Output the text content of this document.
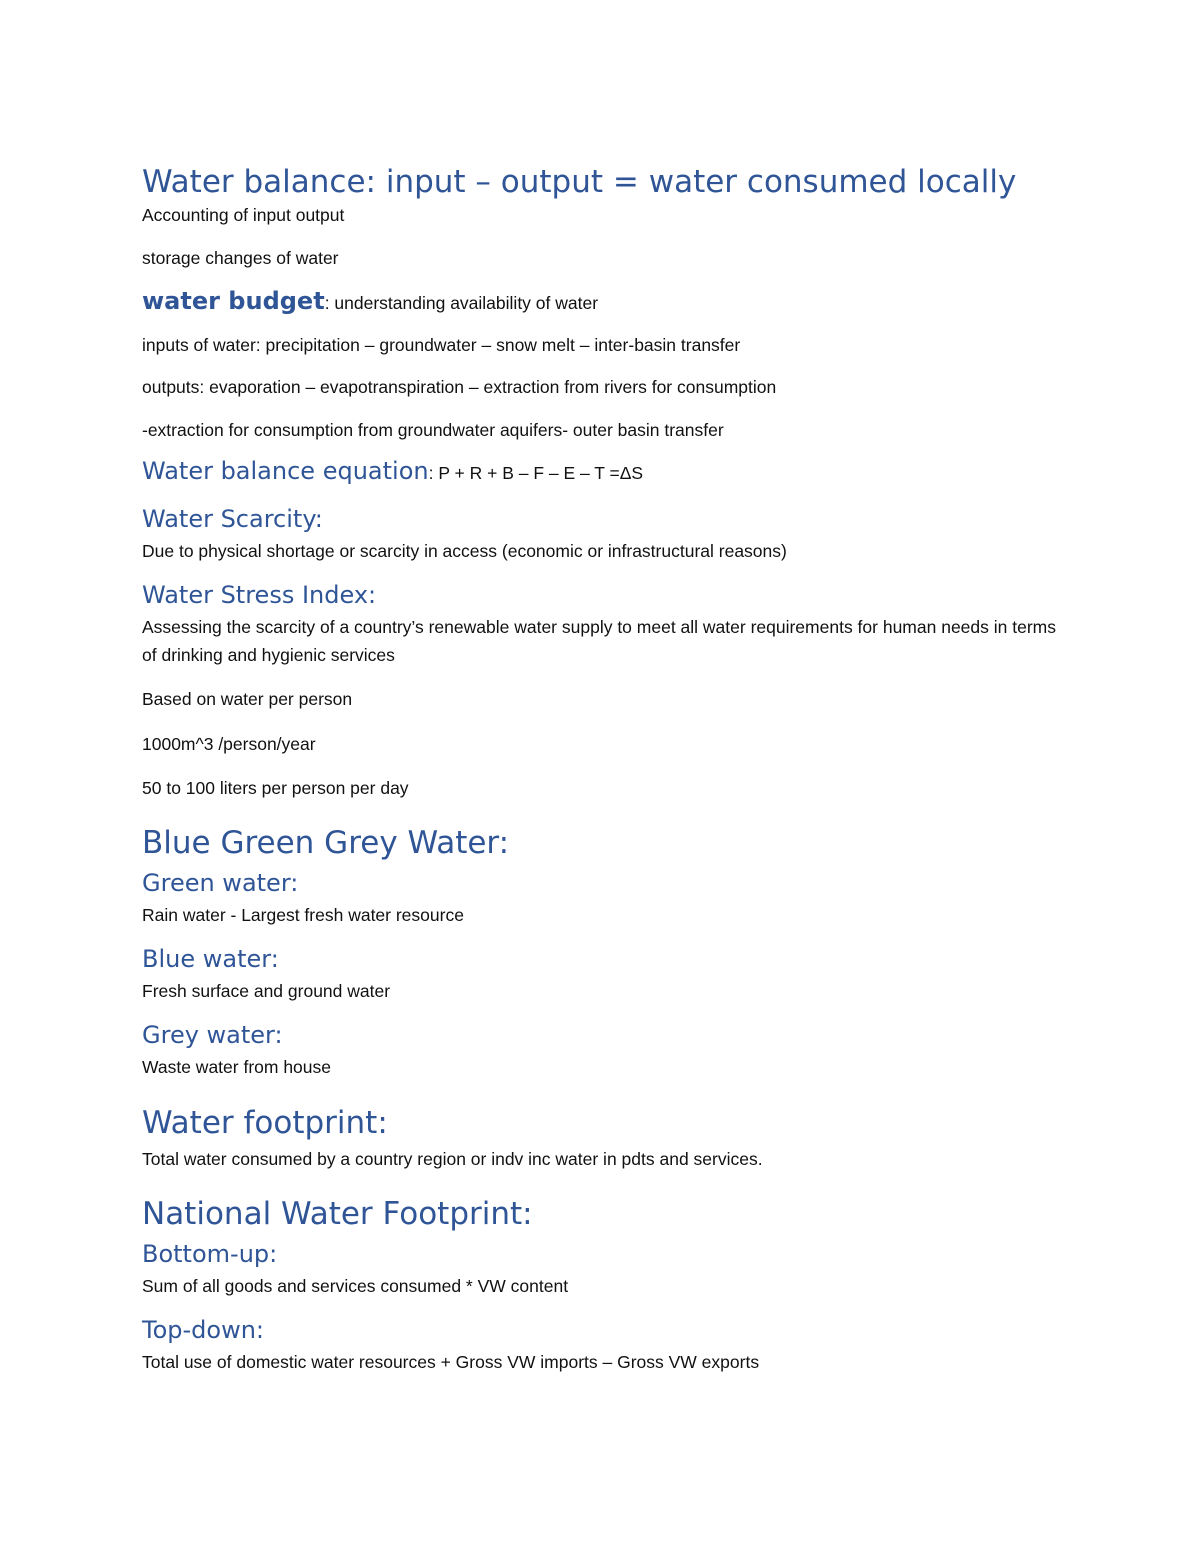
Water balance: input – output = water consumed locally

Accounting of input output

storage changes of water

water budget: understanding availability of water

inputs of water: precipitation – groundwater – snow melt – inter-basin transfer

outputs: evaporation – evapotranspiration – extraction from rivers for consumption

-extraction for consumption from groundwater aquifers- outer basin transfer

Water balance equation: P + R + B – F – E – T =ΔS

Water Scarcity:

Due to physical shortage or scarcity in access (economic or infrastructural reasons)

Water Stress Index:

Assessing the scarcity of a country’s renewable water supply to meet all water requirements for human needs in terms of drinking and hygienic services

Based on water per person

1000m^3 /person/year

50 to 100 liters per person per day

Blue Green Grey Water:

Green water:

Rain water - Largest fresh water resource

Blue water:

Fresh surface and ground water

Grey water:

Waste water from house

Water footprint:

Total water consumed by a country region or indv inc water in pdts and services.

National Water Footprint:

Bottom-up:

Sum of all goods and services consumed * VW content

Top-down:

Total use of domestic water resources + Gross VW imports – Gross VW exports
